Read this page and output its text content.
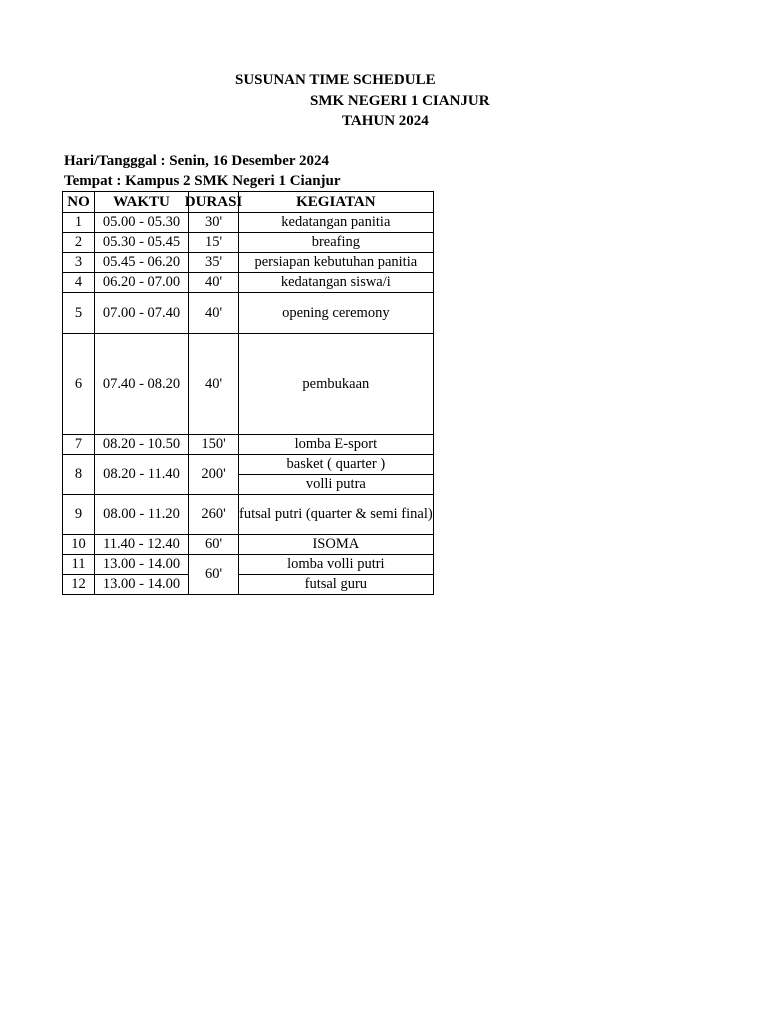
SUSUNAN TIME SCHEDULE
SMK NEGERI 1 CIANJUR
TAHUN 2024
Hari/Tangggal : Senin, 16 Desember 2024
Tempat : Kampus 2 SMK Negeri 1 Cianjur
NO	WAKTU	DURASI	KEGIATAN
1	05.00 - 05.30	30'	kedatangan panitia
2	05.30 - 05.45	15'	breafing
3	05.45 - 06.20	35'	persiapan kebutuhan panitia
4	06.20 - 07.00	40'	kedatangan siswa/i
5	07.00 - 07.40	40'	opening ceremony
6	07.40 - 08.20	40'	pembukaan
7	08.20 - 10.50	150'	lomba E-sport
8	08.20 - 11.40	200'	basket ( quarter )
			volli putra
9	08.00 - 11.20	260'	futsal putri (quarter & semi final)
10	11.40 - 12.40	60'	ISOMA
11	13.00 - 14.00	60'	lomba volli putri
12	13.00 - 14.00		futsal guru
